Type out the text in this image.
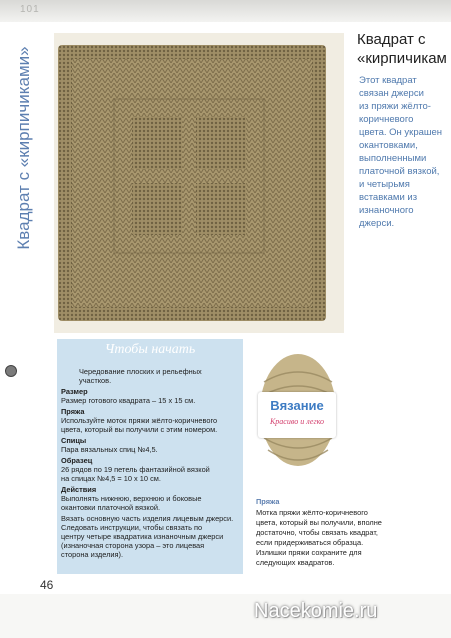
101
Квадрат с «кирпичиками»
Квадрат с
«кирпичикам
Этот квадрат
связан джерси
из пряжи жёлто-
коричневого
цвета. Он украшен
окантовками,
выполненными
платочной вязкой,
и четырьмя
вставками из
изнаночного
джерси.
Чтобы начать
Чередование плоских и рельефных
участков.
Размер
Размер готового квадрата – 15 х 15 см.
Пряжа
Используйте моток пряжи жёлто-коричневого
цвета, который вы получили с этим номером.
Спицы
Пара вязальных спиц №4,5.
Образец
26 рядов по 19 петель фантазийной вязкой
на спицах №4,5 = 10 х 10 см.
Действия
Выполнять нижнюю, верхнюю и боковые
окантовки платочной вязкой.
Вязать основную часть изделия лицевым джерси.
Следовать инструкции, чтобы связать по
центру четыре квадратика изнаночным джерси
(изнаночная сторона узора – это лицевая
сторона изделия).
Вязание
Красиво и легко
Пряжа
Мотка пряжи жёлто-коричневого
цвета, который вы получили, вполне
достаточно, чтобы связать квадрат,
если придерживаться образца.
Излишки пряжи сохраните для
следующих квадратов.
46
Nacekomie.ru
